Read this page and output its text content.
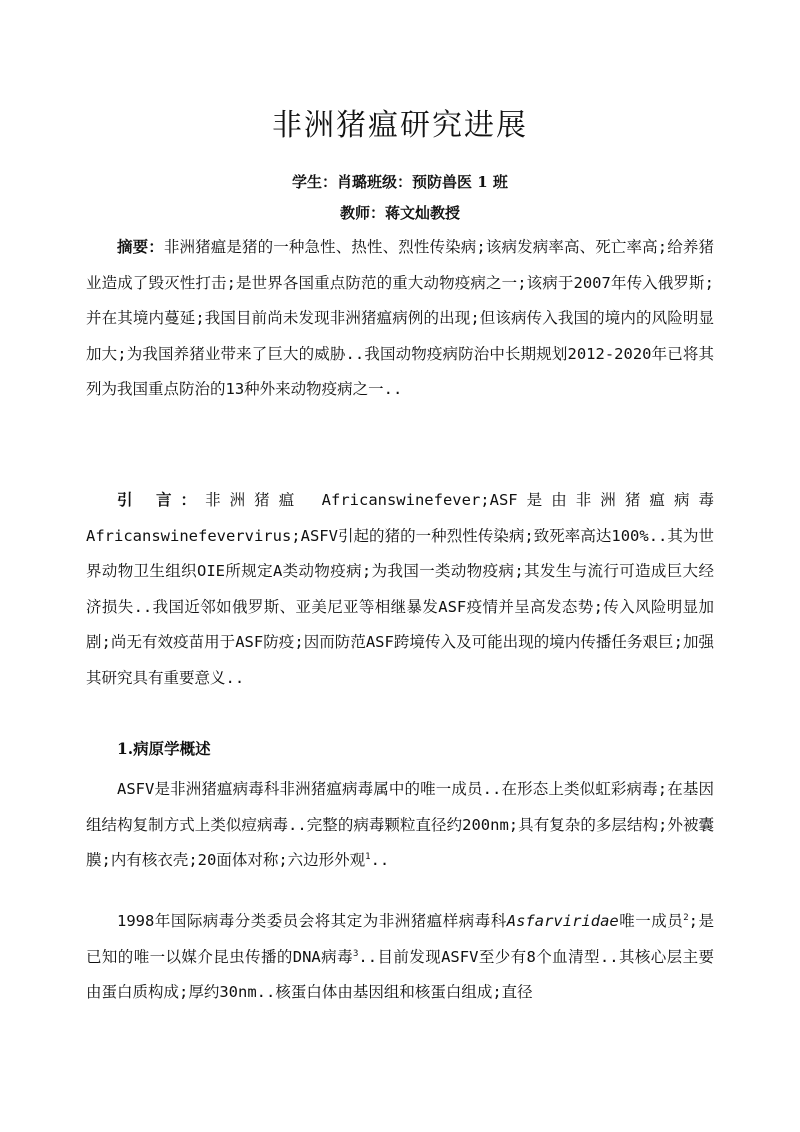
非洲猪瘟研究进展
学生：肖璐班级：预防兽医 1 班
教师：蒋文灿教授

摘要：非洲猪瘟是猪的一种急性、热性、烈性传染病;该病发病率高、死亡率高;给养猪业造成了毁灭性打击;是世界各国重点防范的重大动物疫病之一;该病于2007年传入俄罗斯;并在其境内蔓延;我国目前尚未发现非洲猪瘟病例的出现;但该病传入我国的境内的风险明显加大;为我国养猪业带来了巨大的威胁..我国动物疫病防治中长期规划2012-2020年已将其列为我国重点防治的13种外来动物疫病之一..

引 言：非洲猪瘟 Africanswinefever;ASF是由非洲猪瘟病毒Africanswinefevervirus;ASFV引起的猪的一种烈性传染病;致死率高达100%..其为世界动物卫生组织OIE所规定A类动物疫病;为我国一类动物疫病;其发生与流行可造成巨大经济损失..我国近邻如俄罗斯、亚美尼亚等相继暴发ASF疫情并呈高发态势;传入风险明显加剧;尚无有效疫苗用于ASF防疫;因而防范ASF跨境传入及可能出现的境内传播任务艰巨;加强其研究具有重要意义..

1.病原学概述

ASFV是非洲猪瘟病毒科非洲猪瘟病毒属中的唯一成员..在形态上类似虹彩病毒;在基因组结构复制方式上类似痘病毒..完整的病毒颗粒直径约200nm;具有复杂的多层结构;外被囊膜;内有核衣壳;20面体对称;六边形外观$^1$..

1998年国际病毒分类委员会将其定为非洲猪瘟样病毒科Asfarviridae唯一成员$^2$;是已知的唯一以媒介昆虫传播的DNA病毒$^3$..目前发现ASFV至少有8个血清型..其核心层主要由蛋白质构成;厚约30nm..核蛋白体由基因组和核蛋白组成;直径
